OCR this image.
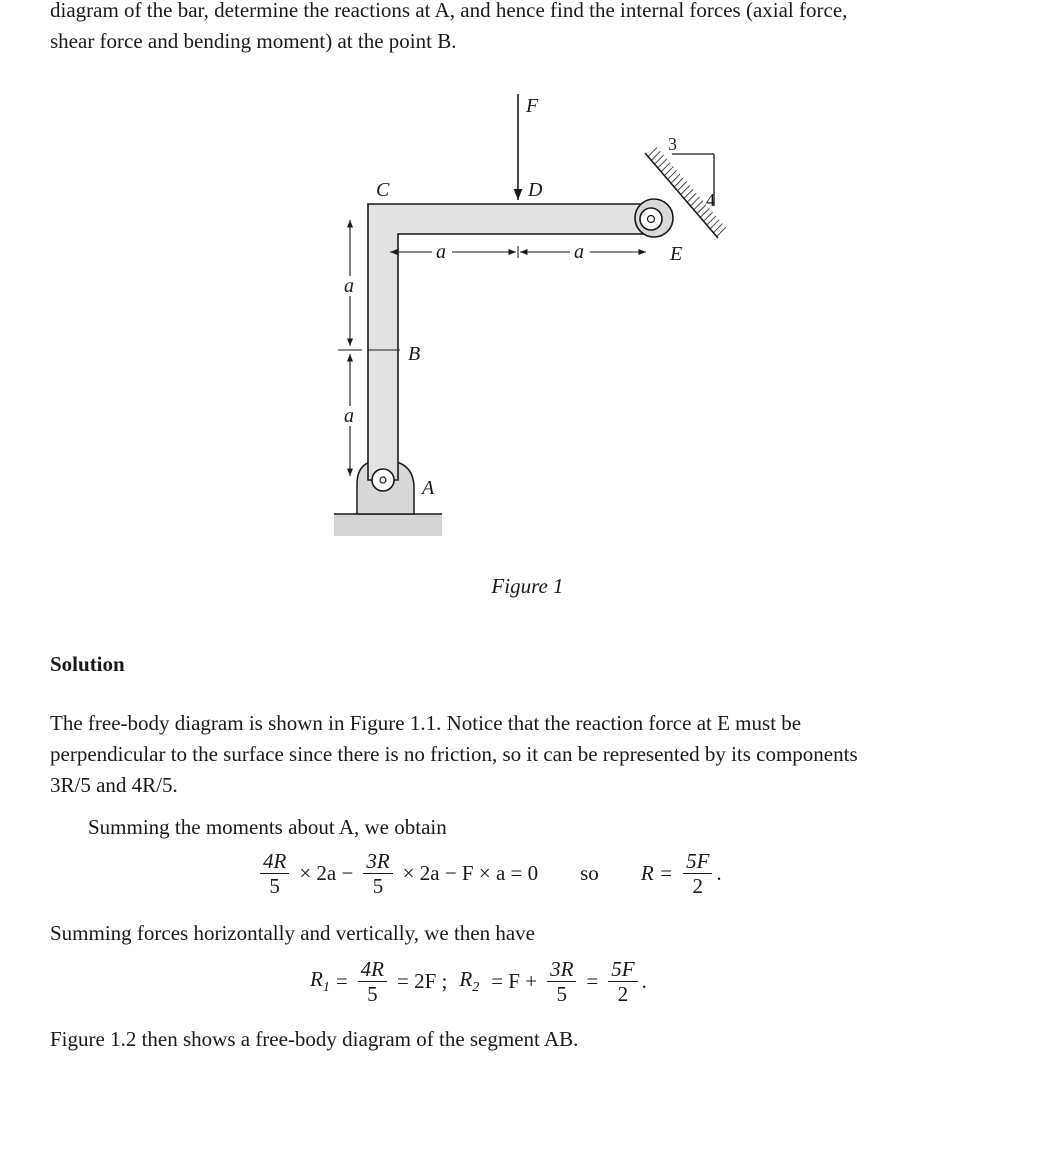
diagram of the bar, determine the reactions at A, and hence find the internal forces (axial force,
shear force and bending moment) at the point B.

F
C	D
E
B
A
a	a
a
a
3
4
Figure 1
Solution

The free-body diagram is shown in Figure 1.1. Notice that the reaction force at E must be
perpendicular to the surface since there is no friction, so it can be represented by its components
3R/5 and 4R/5.

Summing the moments about A, we obtain

$\frac{4R}{5} \times 2a - \frac{3R}{5} \times 2a - F \times a = 0$ so $R = \frac{5F}{2}$ .

Summing forces horizontally and vertically, we then have

$R_1 = \frac{4R}{5} = 2F$ ; $R_2 = F + \frac{3R}{5} = \frac{5F}{2}$ .

Figure 1.2 then shows a free-body diagram of the segment AB.
